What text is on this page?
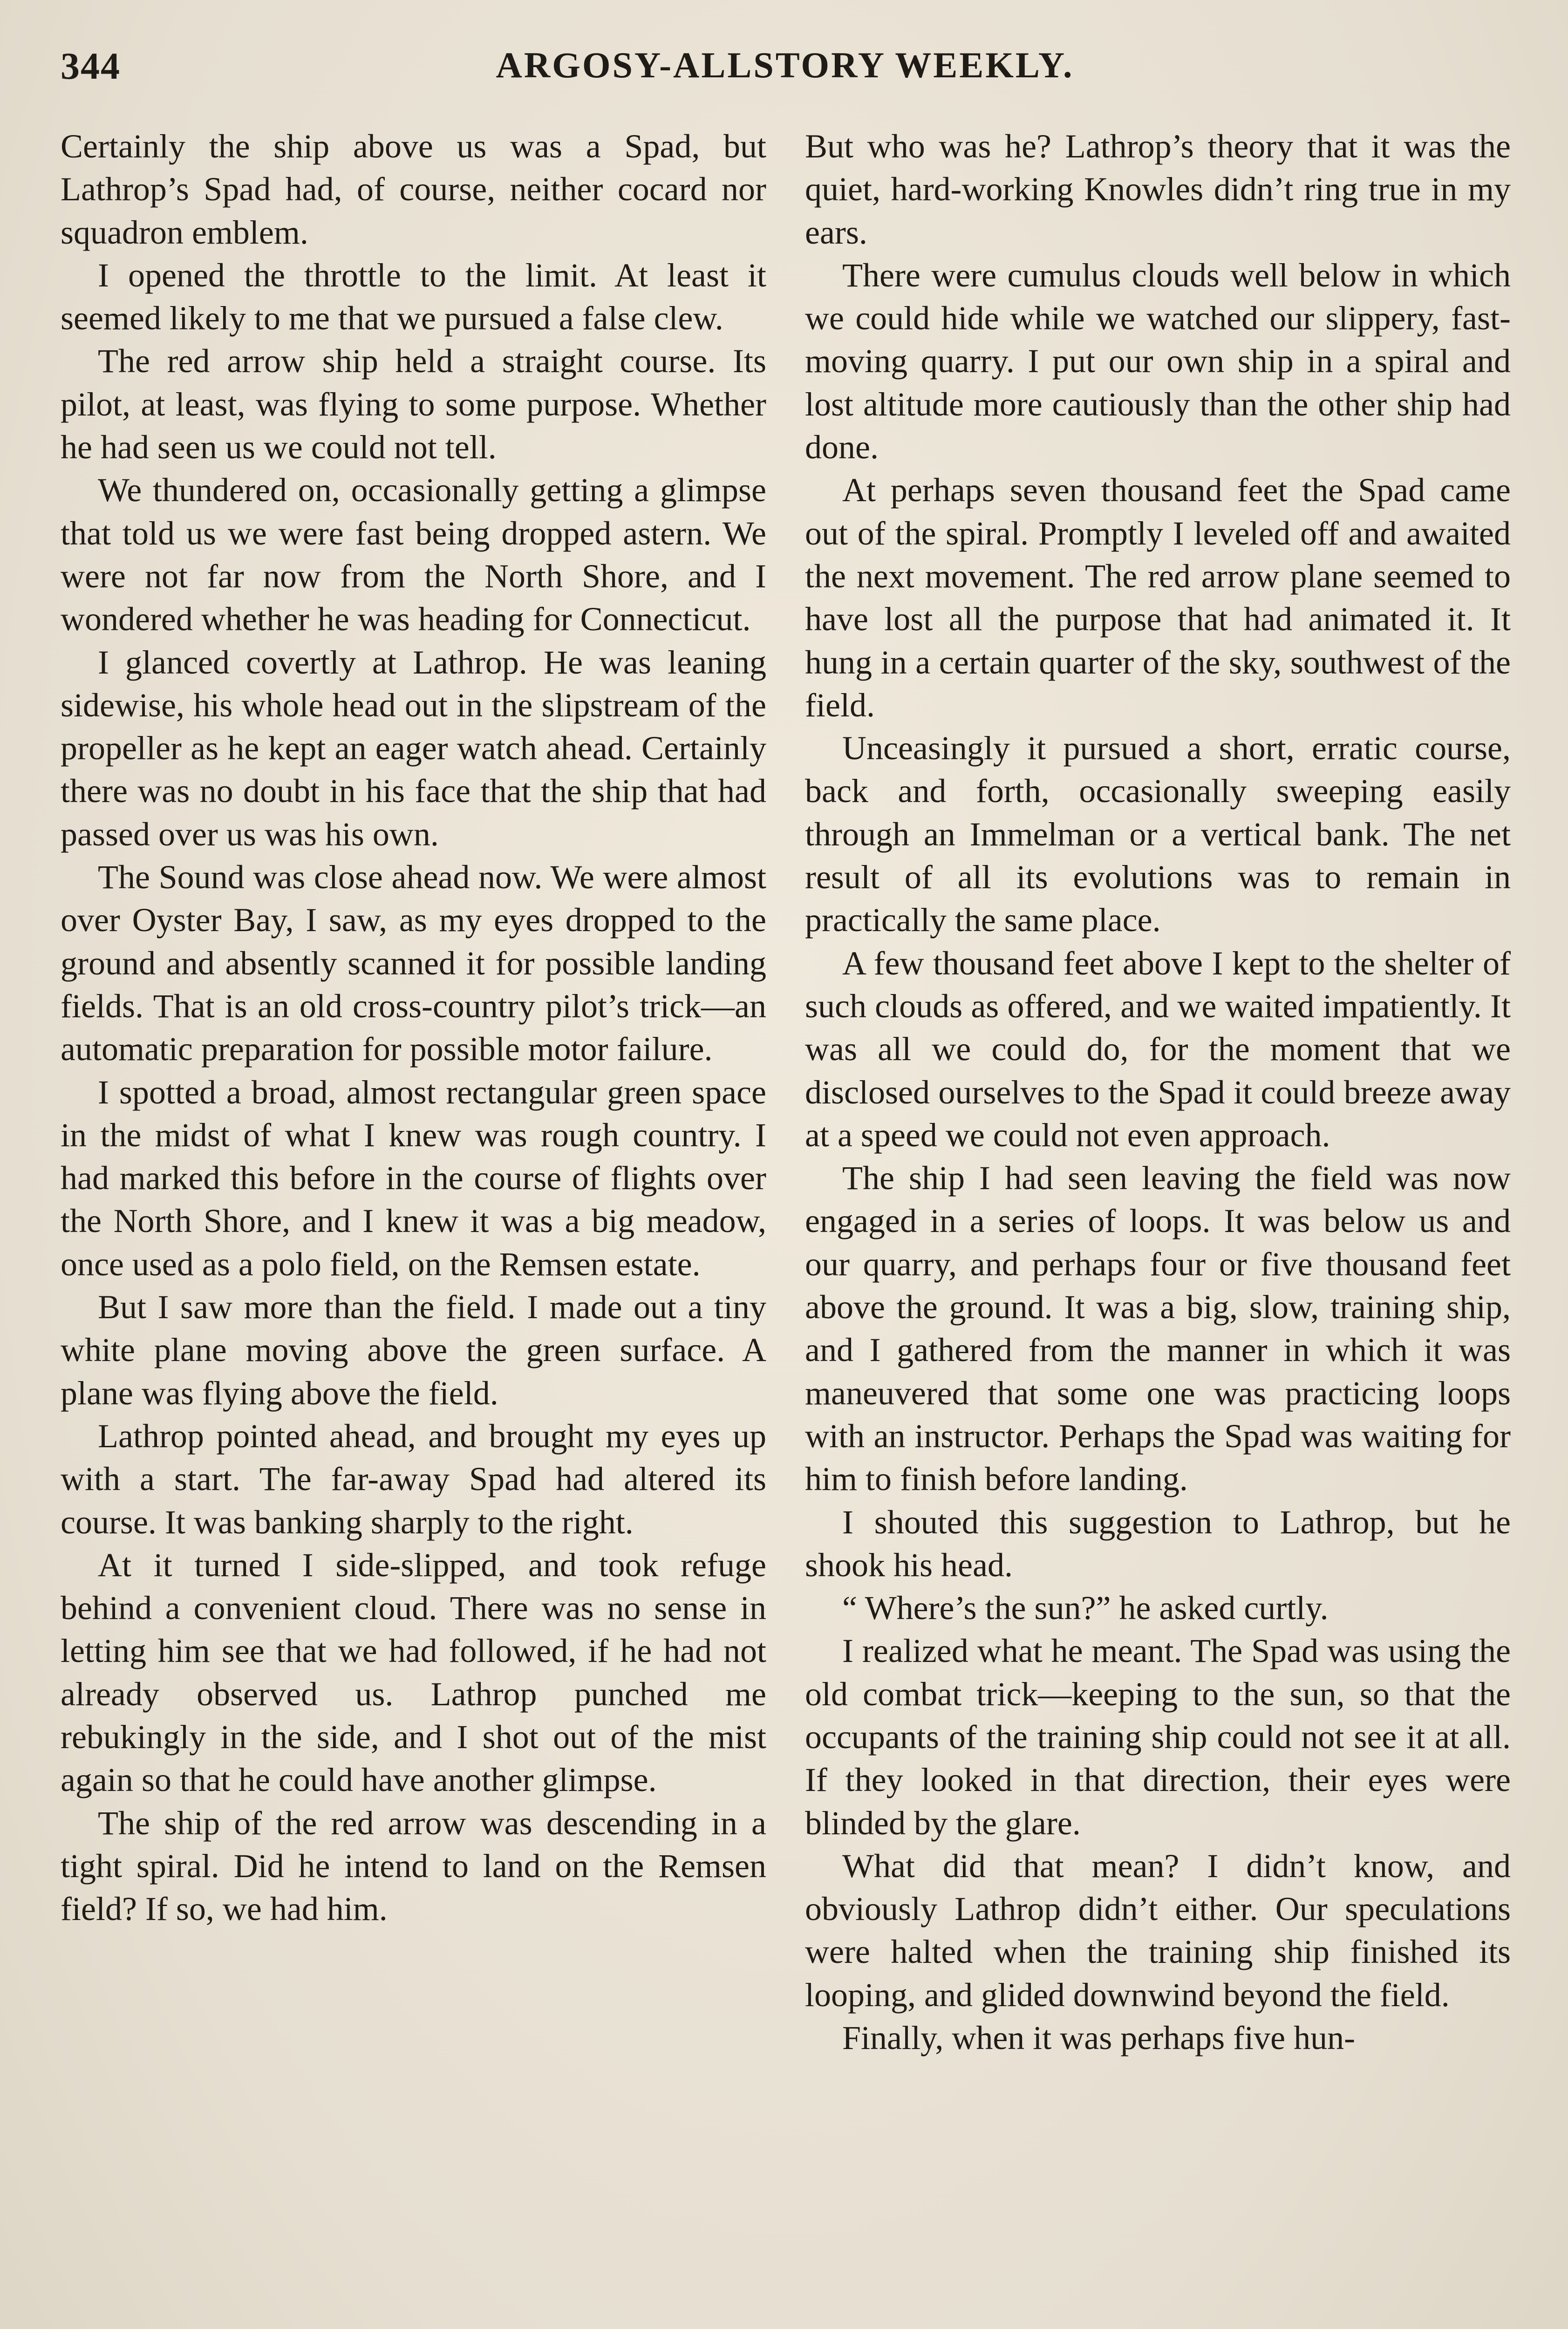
344	ARGOSY-ALLSTORY WEEKLY.

Certainly the ship above us was a Spad, but Lathrop’s Spad had, of course, neither cocard nor squadron emblem.

I opened the throttle to the limit. At least it seemed likely to me that we pursued a false clew.

The red arrow ship held a straight course. Its pilot, at least, was flying to some purpose. Whether he had seen us we could not tell.

We thundered on, occasionally getting a glimpse that told us we were fast being dropped astern. We were not far now from the North Shore, and I wondered whether he was heading for Connecticut.

I glanced covertly at Lathrop. He was leaning sidewise, his whole head out in the slipstream of the propeller as he kept an eager watch ahead. Certainly there was no doubt in his face that the ship that had passed over us was his own.

The Sound was close ahead now. We were almost over Oyster Bay, I saw, as my eyes dropped to the ground and absently scanned it for possible landing fields. That is an old cross-country pilot’s trick—an automatic preparation for possible motor failure.

I spotted a broad, almost rectangular green space in the midst of what I knew was rough country. I had marked this before in the course of flights over the North Shore, and I knew it was a big meadow, once used as a polo field, on the Remsen estate.

But I saw more than the field. I made out a tiny white plane moving above the green surface. A plane was flying above the field.

Lathrop pointed ahead, and brought my eyes up with a start. The far-away Spad had altered its course. It was banking sharply to the right.

At it turned I side-slipped, and took refuge behind a convenient cloud. There was no sense in letting him see that we had followed, if he had not already observed us. Lathrop punched me rebukingly in the side, and I shot out of the mist again so that he could have another glimpse.

The ship of the red arrow was descending in a tight spiral. Did he intend to land on the Remsen field? If so, we had him.

But who was he? Lathrop’s theory that it was the quiet, hard-working Knowles didn’t ring true in my ears.

There were cumulus clouds well below in which we could hide while we watched our slippery, fast-moving quarry. I put our own ship in a spiral and lost altitude more cautiously than the other ship had done.

At perhaps seven thousand feet the Spad came out of the spiral. Promptly I leveled off and awaited the next movement. The red arrow plane seemed to have lost all the purpose that had animated it. It hung in a certain quarter of the sky, southwest of the field.

Unceasingly it pursued a short, erratic course, back and forth, occasionally sweeping easily through an Immelman or a vertical bank. The net result of all its evolutions was to remain in practically the same place.

A few thousand feet above I kept to the shelter of such clouds as offered, and we waited impatiently. It was all we could do, for the moment that we disclosed ourselves to the Spad it could breeze away at a speed we could not even approach.

The ship I had seen leaving the field was now engaged in a series of loops. It was below us and our quarry, and perhaps four or five thousand feet above the ground. It was a big, slow, training ship, and I gathered from the manner in which it was maneuvered that some one was practicing loops with an instructor. Perhaps the Spad was waiting for him to finish before landing.

I shouted this suggestion to Lathrop, but he shook his head.

“ Where’s the sun?” he asked curtly.

I realized what he meant. The Spad was using the old combat trick—keeping to the sun, so that the occupants of the training ship could not see it at all. If they looked in that direction, their eyes were blinded by the glare.

What did that mean? I didn’t know, and obviously Lathrop didn’t either. Our speculations were halted when the training ship finished its looping, and glided downwind beyond the field.

Finally, when it was perhaps five hun-
